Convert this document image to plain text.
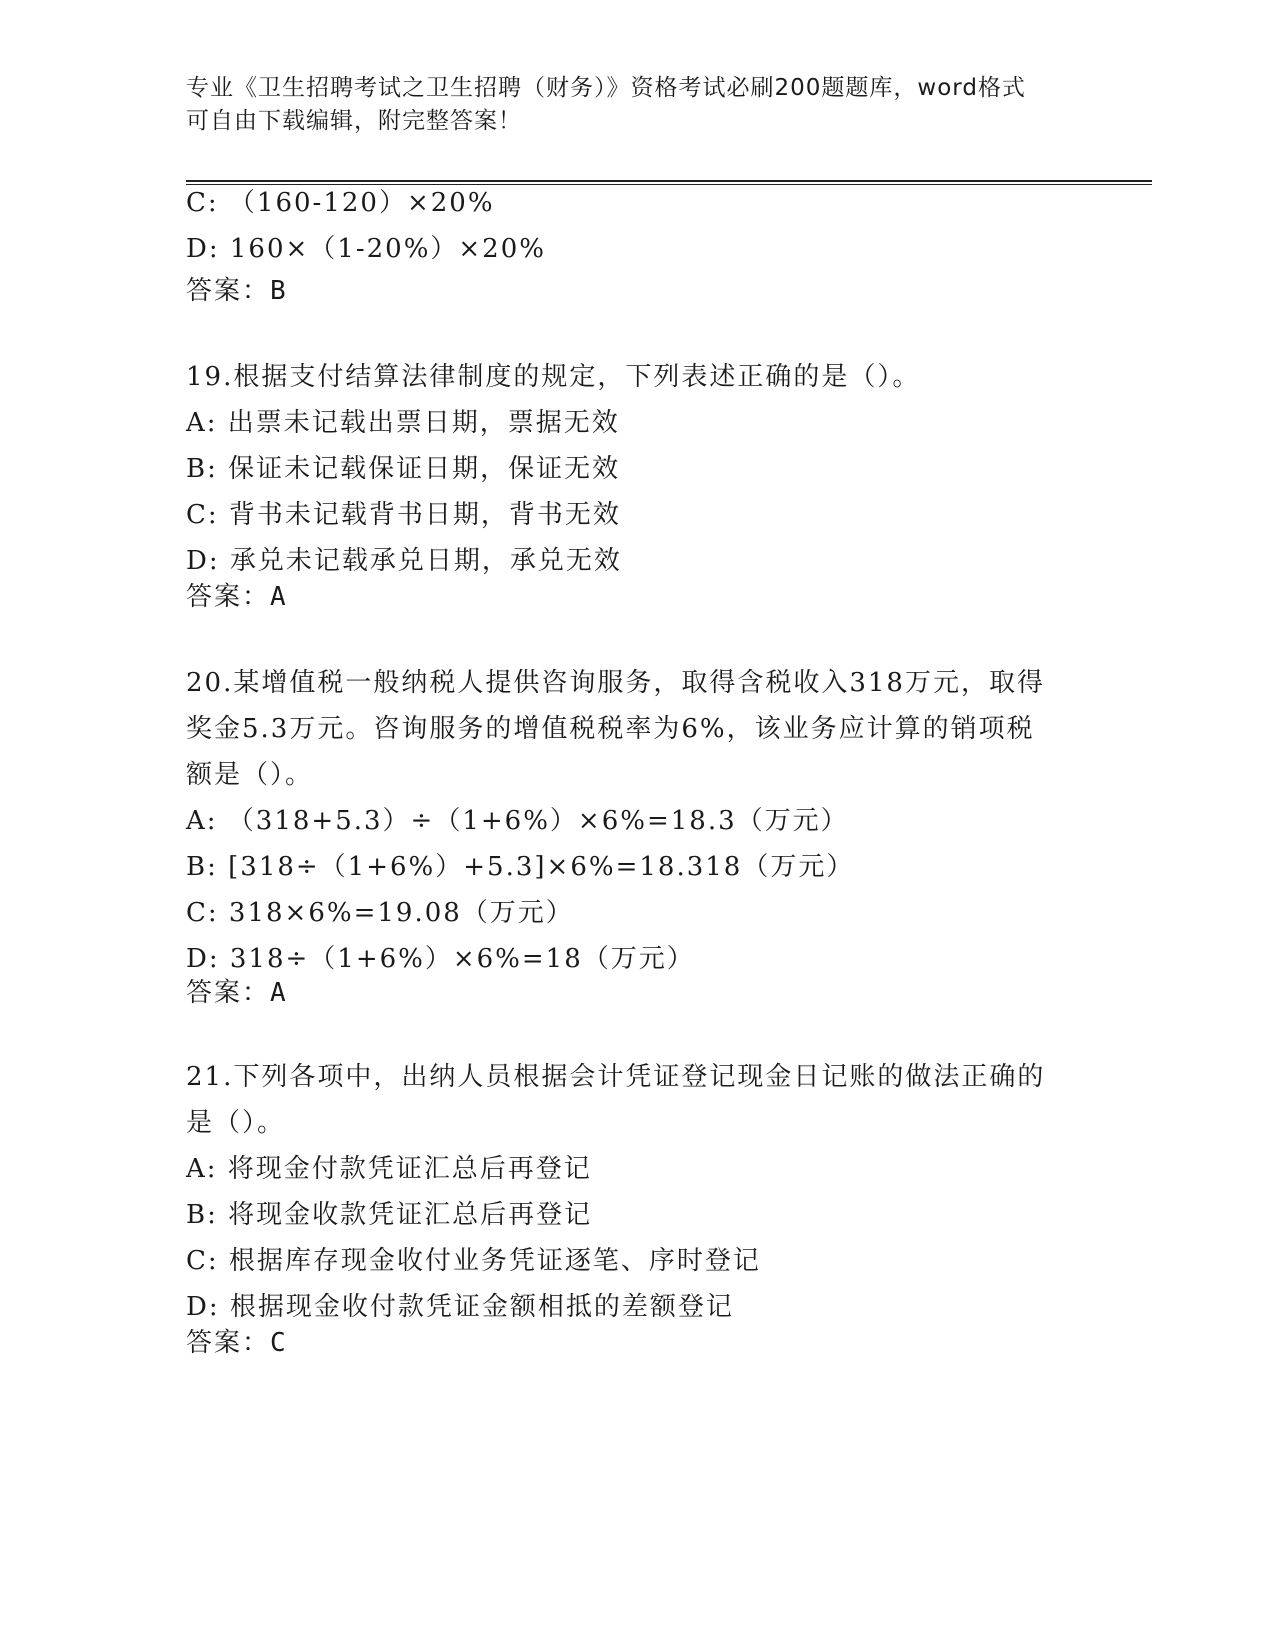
专业《卫生招聘考试之卫生招聘（财务）》资格考试必刷200题题库，word格式
可自由下载编辑，附完整答案！
C: （160-120）×20%
D: 160×（1-20%）×20%
答案：B
19.根据支付结算法律制度的规定，下列表述正确的是（）。
A: 出票未记载出票日期，票据无效
B: 保证未记载保证日期，保证无效
C: 背书未记载背书日期，背书无效
D: 承兑未记载承兑日期，承兑无效
答案：A
20.某增值税一般纳税人提供咨询服务，取得含税收入318万元，取得
奖金5.3万元。咨询服务的增值税税率为6%，该业务应计算的销项税
额是（）。
A: （318+5.3）÷（1+6%）×6%=18.3（万元）
B: [318÷（1+6%）+5.3]×6%=18.318（万元）
C: 318×6%=19.08（万元）
D: 318÷（1+6%）×6%=18（万元）
答案：A
21.下列各项中，出纳人员根据会计凭证登记现金日记账的做法正确的
是（）。
A: 将现金付款凭证汇总后再登记
B: 将现金收款凭证汇总后再登记
C: 根据库存现金收付业务凭证逐笔、序时登记
D: 根据现金收付款凭证金额相抵的差额登记
答案：C
